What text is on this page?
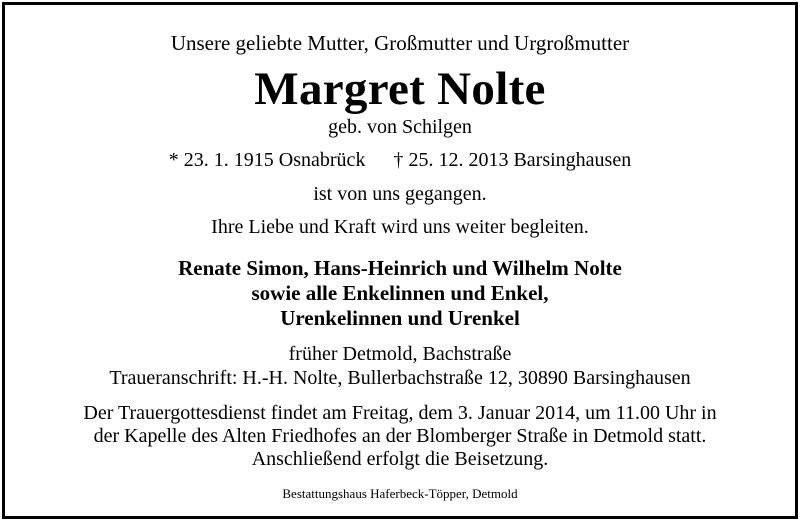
Unsere geliebte Mutter, Großmutter und Urgroßmutter
Margret Nolte
geb. von Schilgen
* 23. 1. 1915 Osnabrück † 25. 12. 2013 Barsinghausen
ist von uns gegangen.
Ihre Liebe und Kraft wird uns weiter begleiten.
Renate Simon, Hans-Heinrich und Wilhelm Nolte
sowie alle Enkelinnen und Enkel,
Urenkelinnen und Urenkel
früher Detmold, Bachstraße
Traueranschrift: H.-H. Nolte, Bullerbachstraße 12, 30890 Barsinghausen
Der Trauergottesdienst findet am Freitag, dem 3. Januar 2014, um 11.00 Uhr in
der Kapelle des Alten Friedhofes an der Blomberger Straße in Detmold statt.
Anschließend erfolgt die Beisetzung.
Bestattungshaus Haferbeck-Töpper, Detmold
